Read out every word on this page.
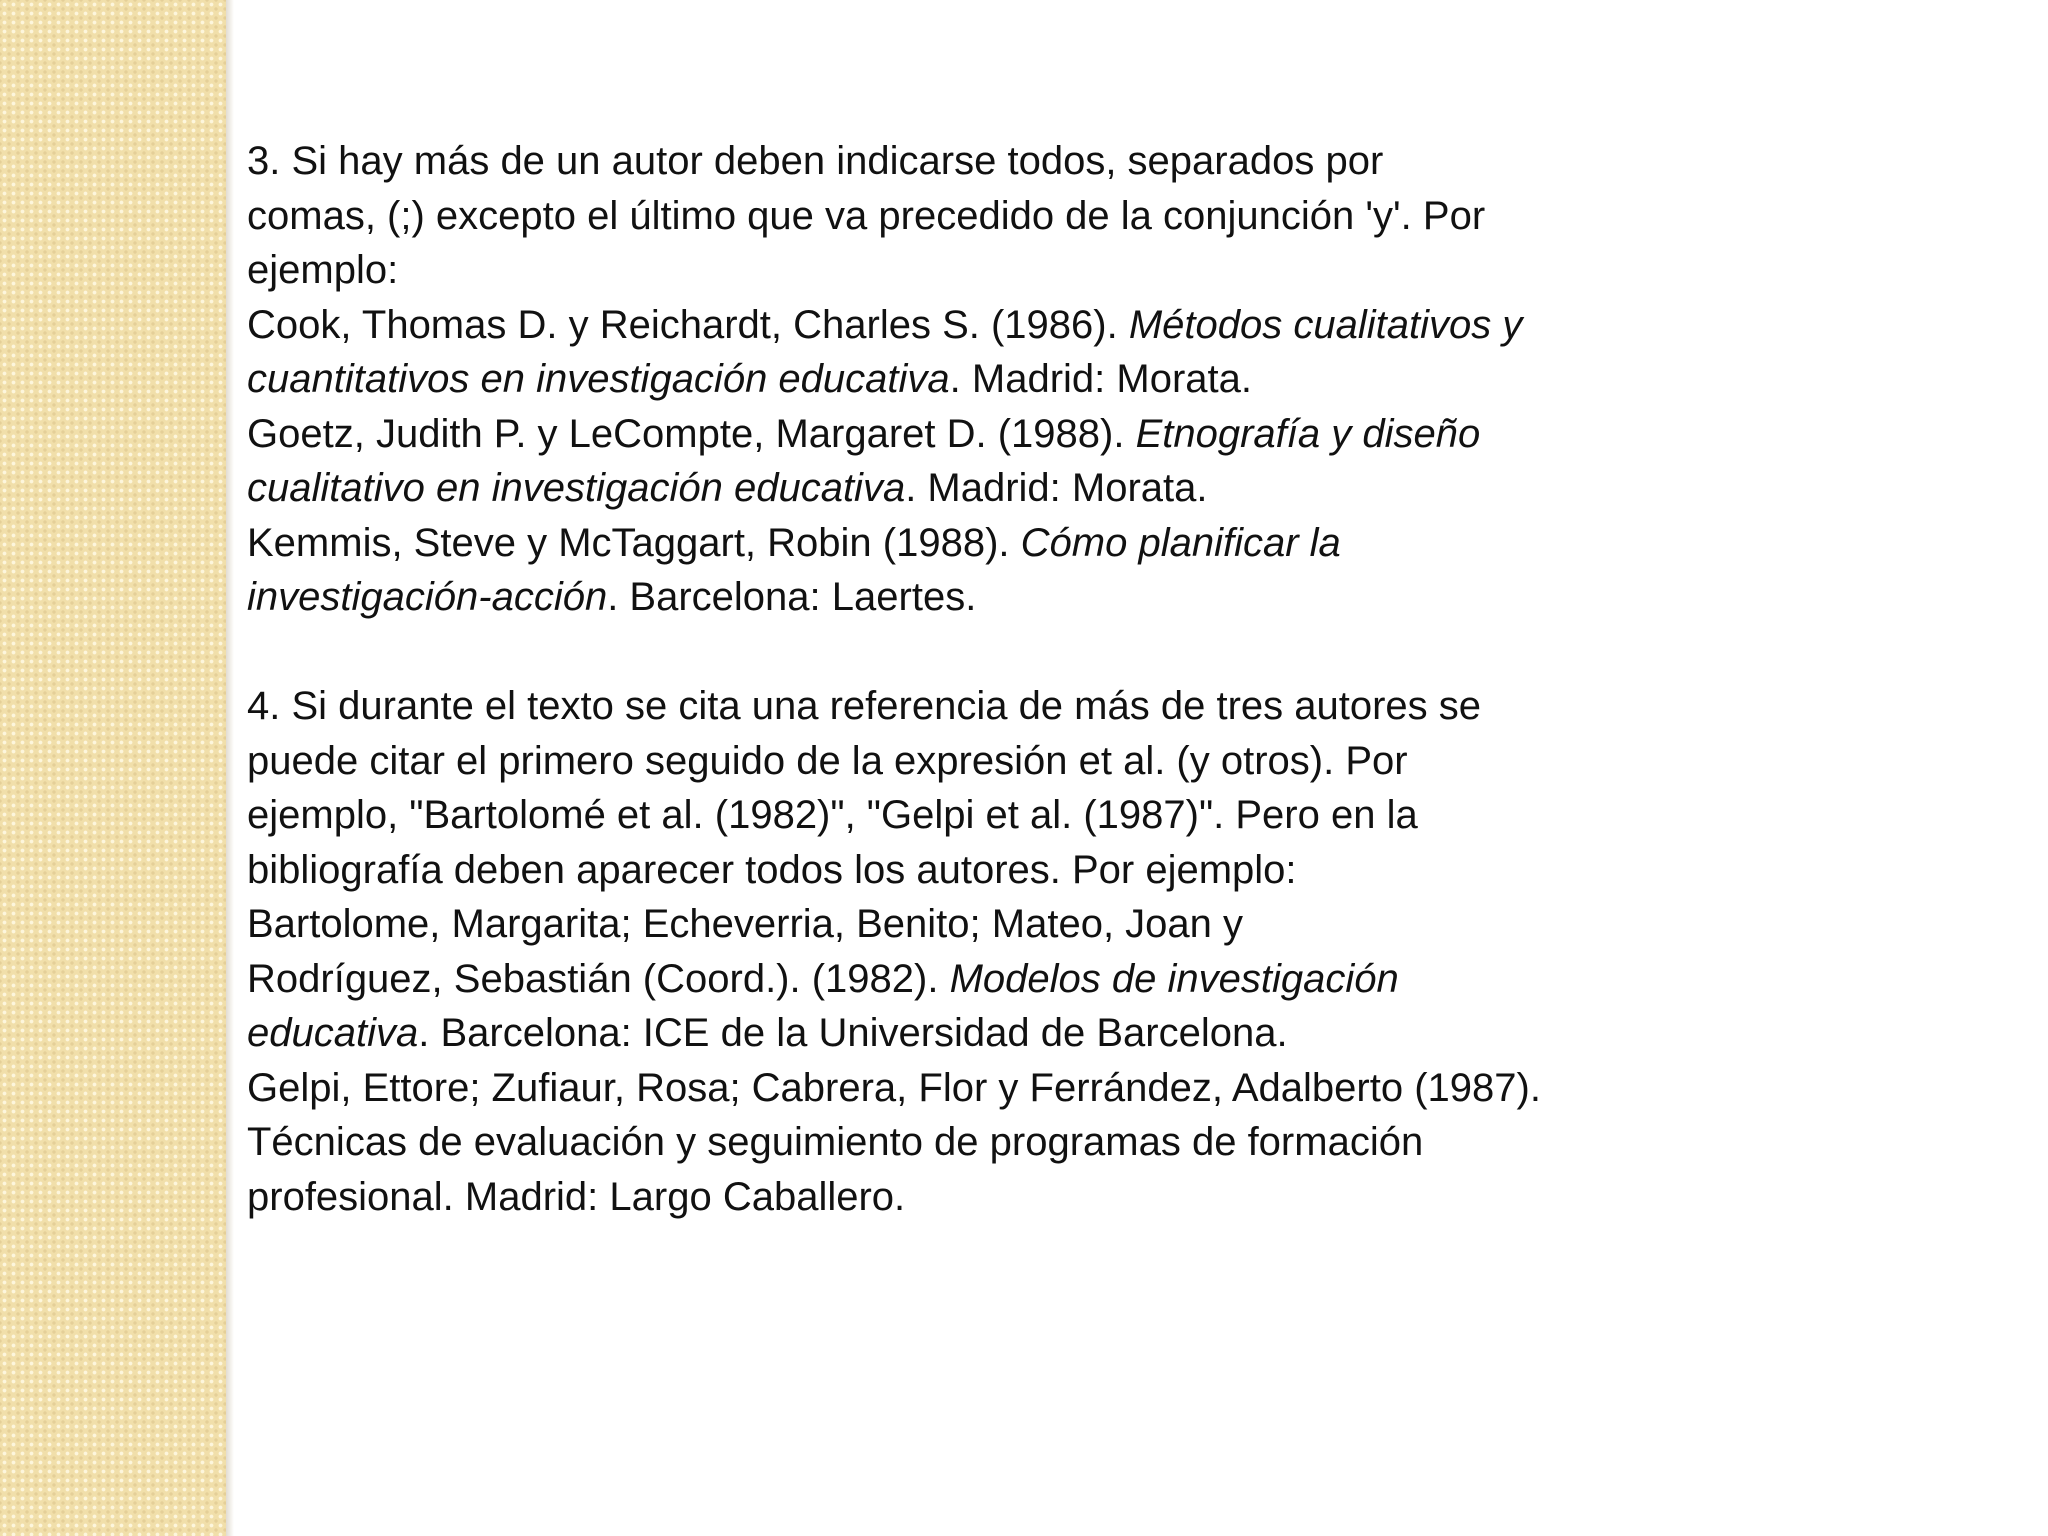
3. Si hay más de un autor deben indicarse todos, separados por
comas, (;) excepto el último que va precedido de la conjunción 'y'. Por
ejemplo:
Cook, Thomas D. y Reichardt, Charles S. (1986). Métodos cualitativos y
cuantitativos en investigación educativa. Madrid: Morata.
Goetz, Judith P. y LeCompte, Margaret D. (1988). Etnografía y diseño
cualitativo en investigación educativa. Madrid: Morata.
Kemmis, Steve y McTaggart, Robin (1988). Cómo planificar la
investigación-acción. Barcelona: Laertes.
4. Si durante el texto se cita una referencia de más de tres autores se
puede citar el primero seguido de la expresión et al. (y otros). Por
ejemplo, "Bartolomé et al. (1982)", "Gelpi et al. (1987)". Pero en la
bibliografía deben aparecer todos los autores. Por ejemplo:
Bartolome, Margarita; Echeverria, Benito; Mateo, Joan y
Rodríguez, Sebastián (Coord.). (1982). Modelos de investigación
educativa. Barcelona: ICE de la Universidad de Barcelona.
Gelpi, Ettore; Zufiaur, Rosa; Cabrera, Flor y Ferrández, Adalberto (1987).
Técnicas de evaluación y seguimiento de programas de formación
profesional. Madrid: Largo Caballero.
